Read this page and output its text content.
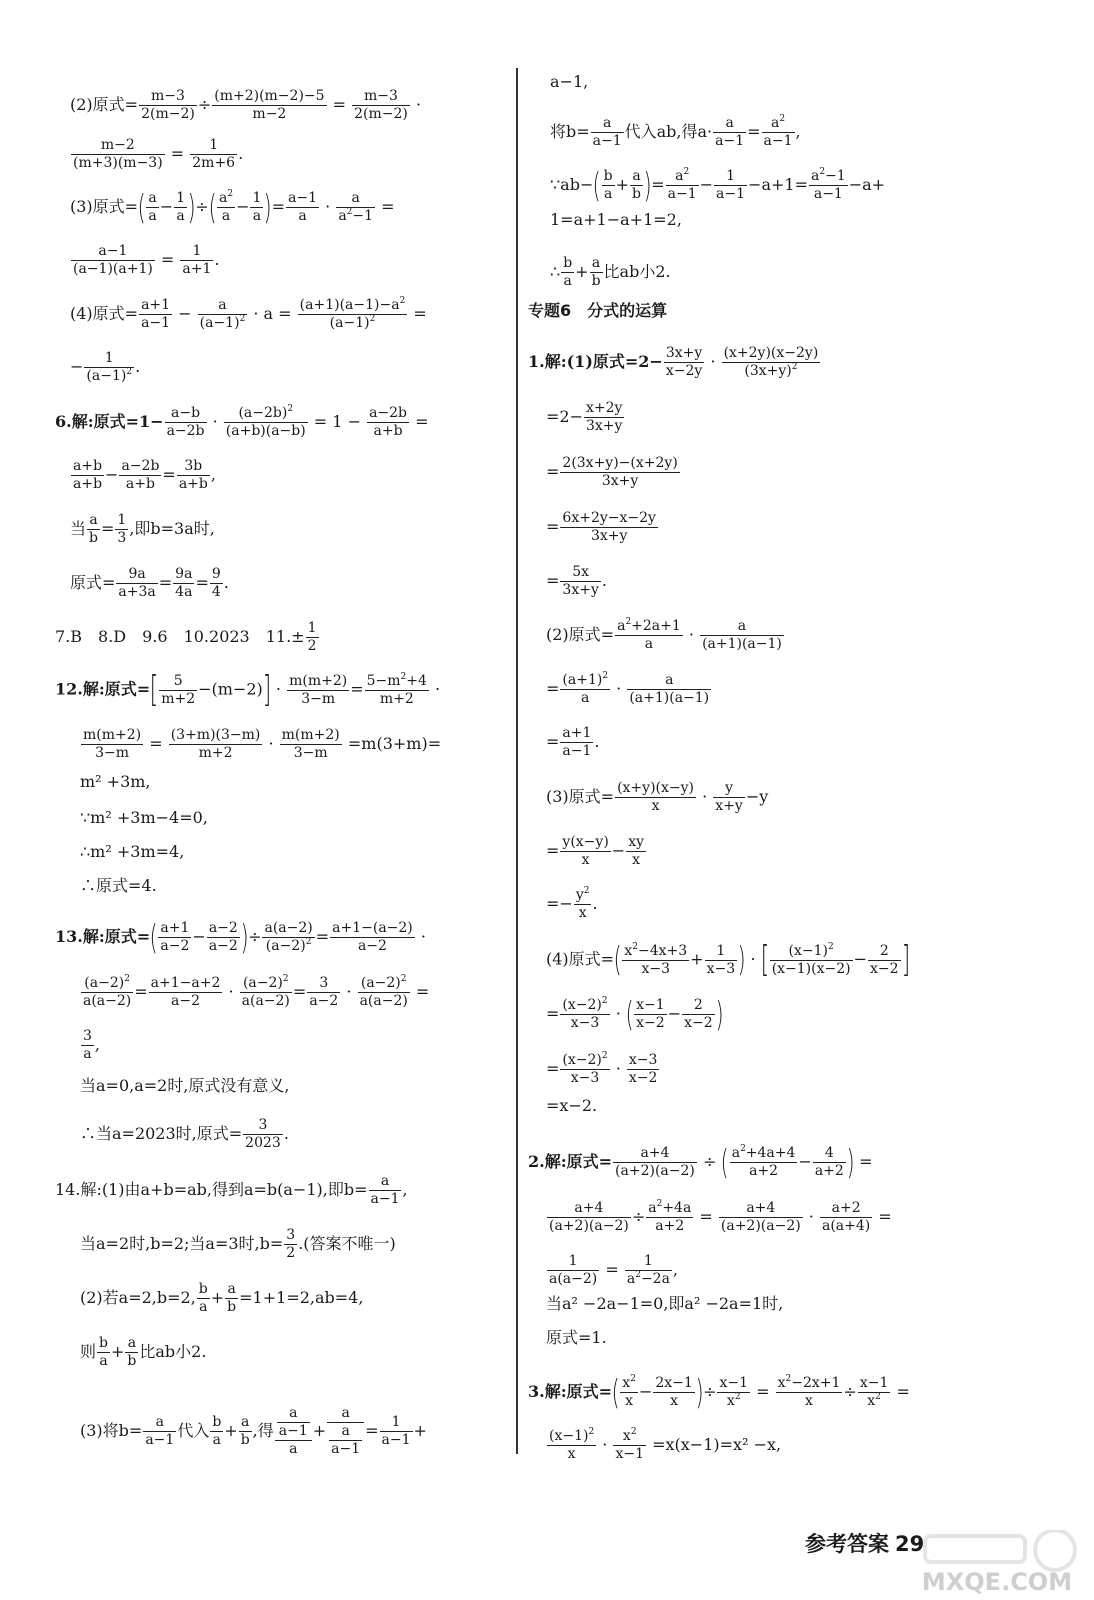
(2)原式= $\frac{m-3}{2(m-2)} \div \frac{(m+2)(m-2)-5}{m-2} = \frac{m-3}{2(m-2)}$ ·
$\frac{m-2}{(m+3)(m-3)} = \frac{1}{2m+6}$ .
(3)原式=( $\frac{a}{a} - \frac{1}{a}$ )÷( $\frac{a^2}{a} - \frac{1}{a}$ )= $\frac{a-1}{a} \cdot \frac{a}{a^2-1}$ =
$\frac{a-1}{(a-1)(a+1)} = \frac{1}{a+1}$ .
(4)原式= $\frac{a+1}{a-1} - \frac{a}{(a-1)^2} \cdot a = \frac{(a+1)(a-1)-a^2}{(a-1)^2}$ =
− $\frac{1}{(a-1)^2}$ .
6.解:原式$=1- \frac{a-b}{a-2b} \cdot \frac{(a-2b)^2}{(a+b)(a-b)} = 1 - \frac{a-2b}{a+b}$ =
$\frac{a+b}{a+b} - \frac{a-2b}{a+b} = \frac{3b}{a+b}$ ,
当 $\frac{a}{b} = \frac{1}{3}$ ,即b=3a时,
原式= $\frac{9a}{a+3a} = \frac{9a}{4a} = \frac{9}{4}$ .
7.B　8.D　9.6　10.2023　$11.\pm \frac{1}{2}$
12.解:原式=[ $\frac{5}{m+2} -(m-2)] \cdot \frac{m(m+2)}{3-m} = \frac{5-m^2+4}{m+2}$ ·
$\frac{m(m+2)}{3-m} = \frac{(3+m)(3-m)}{m+2} \cdot \frac{m(m+2)}{3-m} =m(3+m)=$
m² +3m,
∵m² +3m−4=0,
∴m² +3m=4,
∴原式=4.
13.解:原式=( $\frac{a+1}{a-2} - \frac{a-2}{a-2}$ )÷ $\frac{a(a-2)}{(a-2)^2} = \frac{a+1-(a-2)}{a-2}$ ·
$\frac{(a-2)^2}{a(a-2)} = \frac{a+1-a+2}{a-2} \cdot \frac{(a-2)^2}{a(a-2)} = \frac{3}{a-2} \cdot \frac{(a-2)^2}{a(a-2)}$ =
$\frac{3}{a}$ ,
当a=0,a=2时,原式没有意义,
∴当a=2023时,原式= $\frac{3}{2023}$ .
14.解:(1)由a+b=ab,得到a=b(a−1),即$b= \frac{a}{a-1}$ ,
当a=2时,b=2;当a=3时$,b= \frac{3}{2}$ .(答案不唯一)
(2)若a=2,b=2, $\frac{b}{a} + \frac{a}{b} =1+1=2,ab=4$,
则 $\frac{b}{a} + \frac{a}{b}$ 比ab小2.
(3)将$b= \frac{a}{a-1}$ 代入 $\frac{b}{a} + \frac{a}{b}$ ,得 $\frac{\frac{a}{a-1}}{a} + \frac{a}{\frac{a}{a-1}} = \frac{1}{a-1}$ +
a−1,
将$b= \frac{a}{a-1}$ 代入ab,得$a\cdot \frac{a}{a-1} = \frac{a^2}{a-1}$ ,
∵ab−( $\frac{b}{a} + \frac{a}{b}$ )= $\frac{a^2}{a-1} - \frac{1}{a-1} -a+1= \frac{a^2-1}{a-1} -a+$
1=a+1−a+1=2,
∴ $\frac{b}{a} + \frac{a}{b}$ 比ab小2.
专题6　分式的运算
1.解:(1)原式$=2- \frac{3x+y}{x-2y} \cdot \frac{(x+2y)(x-2y)}{(3x+y)^2}$
$=2- \frac{x+2y}{3x+y}$
= $\frac{2(3x+y)-(x+2y)}{3x+y}$
= $\frac{6x+2y-x-2y}{3x+y}$
= $\frac{5x}{3x+y}$ .
(2)原式= $\frac{a^2+2a+1}{a} \cdot \frac{a}{(a+1)(a-1)}$
= $\frac{(a+1)^2}{a} \cdot \frac{a}{(a+1)(a-1)}$
= $\frac{a+1}{a-1}$ .
(3)原式= $\frac{(x+y)(x-y)}{x} \cdot \frac{y}{x+y} -y$
= $\frac{y(x-y)}{x} - \frac{xy}{x}$
=− $\frac{y^2}{x}$ .
(4)原式=( $\frac{x^2-4x+3}{x-3} + \frac{1}{x-3}$ ) · [ $\frac{(x-1)^2}{(x-1)(x-2)} - \frac{2}{x-2}$ ]
= $\frac{(x-2)^2}{x-3}$ · ( $\frac{x-1}{x-2} - \frac{2}{x-2}$ )
= $\frac{(x-2)^2}{x-3} \cdot \frac{x-3}{x-2}$
=x−2.
2.解:原式= $\frac{a+4}{(a+2)(a-2)}$ ÷ ( $\frac{a^2+4a+4}{a+2} - \frac{4}{a+2}$ ) =
$\frac{a+4}{(a+2)(a-2)} \div \frac{a^2+4a}{a+2} = \frac{a+4}{(a+2)(a-2)} \cdot \frac{a+2}{a(a+4)}$ =
$\frac{1}{a(a-2)} = \frac{1}{a^2-2a}$ ,
当a² −2a−1=0,即a² −2a=1时,
原式=1.
3.解:原式=( $\frac{x^2}{x} - \frac{2x-1}{x}$ )÷ $\frac{x-1}{x^2} = \frac{x^2-2x+1}{x} \div \frac{x-1}{x^2}$ =
$\frac{(x-1)^2}{x} \cdot \frac{x^2}{x-1} =x(x-1)=x^2 -x$,
参考答案 29
MXQE.COM
